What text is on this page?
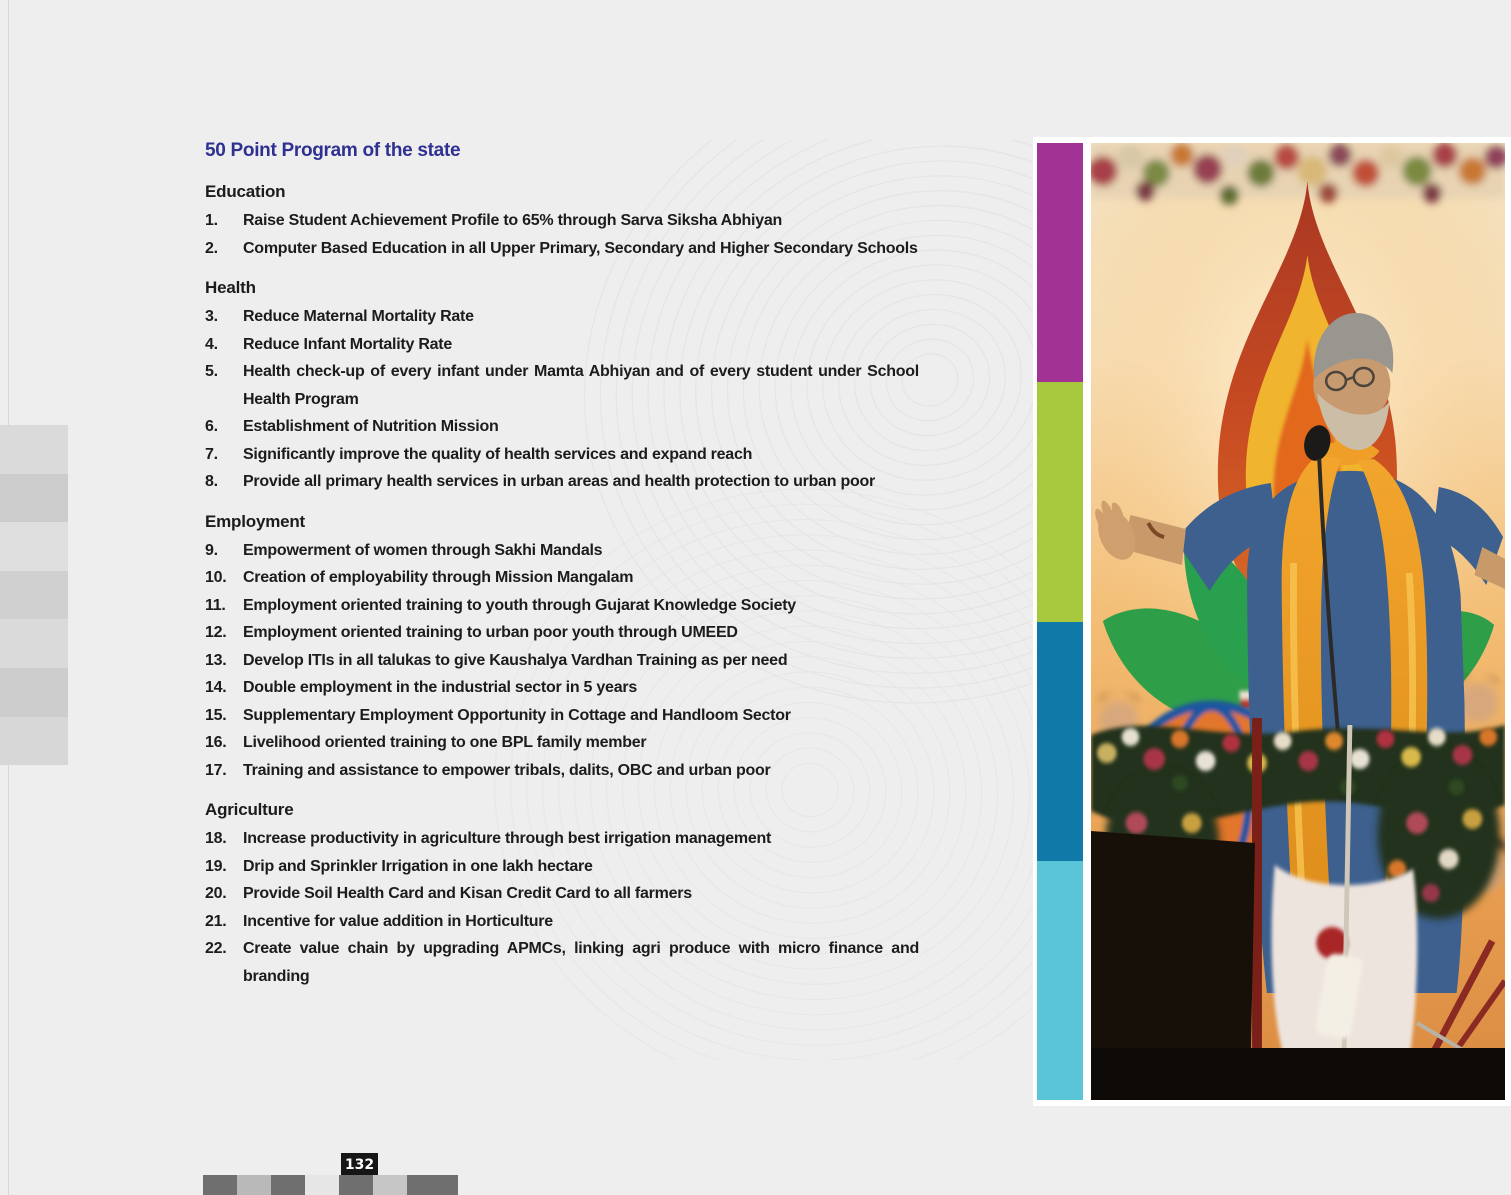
50 Point Program of the state
Education
1.	Raise Student Achievement Profile to 65% through Sarva Siksha Abhiyan
2.	Computer Based Education in all Upper Primary, Secondary and Higher Secondary Schools
Health
3.	Reduce Maternal Mortality Rate
4.	Reduce Infant Mortality Rate
5.	Health check-up of every infant under Mamta Abhiyan and of every student under School Health Program
6.	Establishment of Nutrition Mission
7.	Significantly improve the quality of health services and expand reach
8.	Provide all primary health services in urban areas and health protection to urban poor
Employment
9.	Empowerment of women through Sakhi Mandals
10.	Creation of employability through Mission Mangalam
11.	Employment oriented training to youth through Gujarat Knowledge Society
12.	Employment oriented training to urban poor youth through UMEED
13.	Develop ITIs in all talukas to give Kaushalya Vardhan Training as per need
14.	Double employment in the industrial sector in 5 years
15.	Supplementary Employment Opportunity in Cottage and Handloom Sector
16.	Livelihood oriented training to one BPL family member
17.	Training and assistance to empower tribals, dalits, OBC and urban poor
Agriculture
18.	Increase productivity in agriculture through best irrigation management
19.	Drip and Sprinkler Irrigation in one lakh hectare
20.	Provide Soil Health Card and Kisan Credit Card to all farmers
21.	Incentive for value addition in Horticulture
22.	Create value chain by upgrading APMCs, linking agri produce with micro finance and branding
132
